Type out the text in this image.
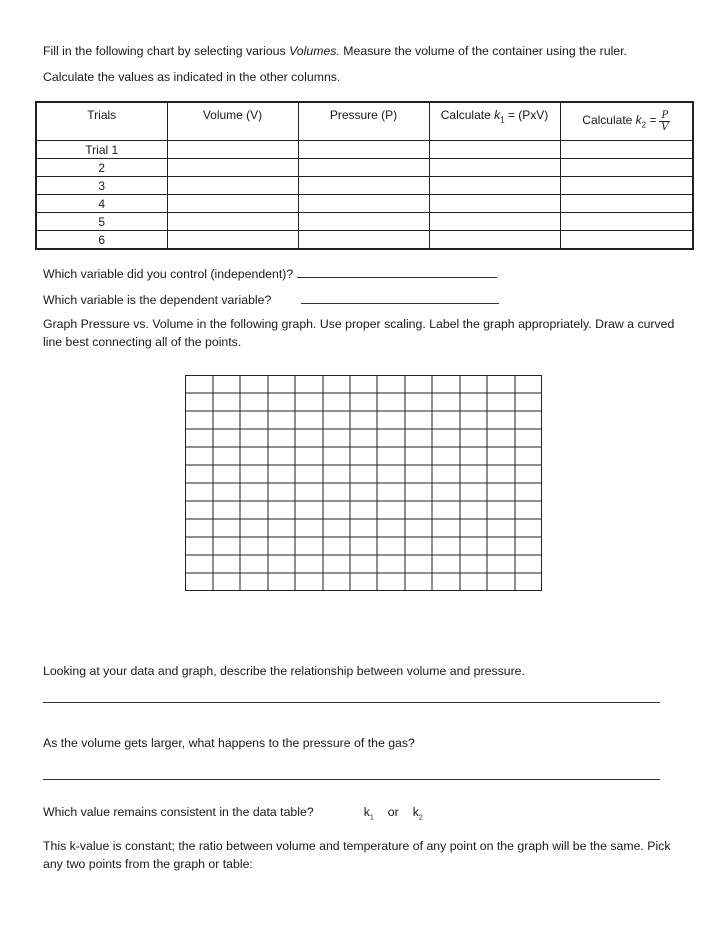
Fill in the following chart by selecting various Volumes. Measure the volume of the container using the ruler.
Calculate the values as indicated in the other columns.
Trials	Volume (V)	Pressure (P)	Calculate $k_1 = (PxV)$	Calculate $k_2 = \frac{P}{V}$

Trial 1				
2				
3				
4				
5				
6				
Which variable did you control (independent)?
Which variable is the dependent variable?
Graph Pressure vs. Volume in the following graph. Use proper scaling. Label the graph appropriately. Draw a curved line best connecting all of the points.
Looking at your data and graph, describe the relationship between volume and pressure.
As the volume gets larger, what happens to the pressure of the gas?
Which value remains consistent in the data table?	$k_1$ or $k_2$
This k-value is constant; the ratio between volume and temperature of any point on the graph will be the same. Pick any two points from the graph or table:
